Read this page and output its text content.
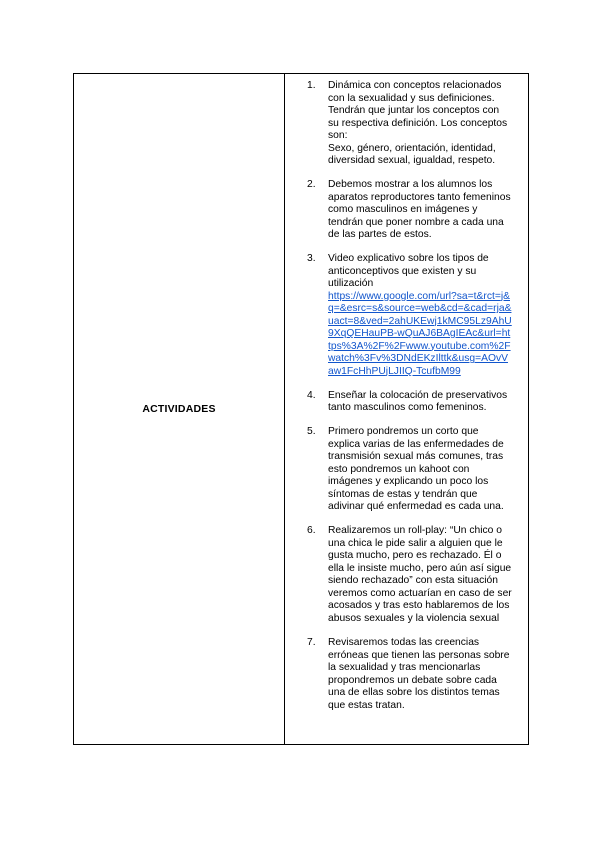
ACTIVIDADES
1. Dinámica con conceptos relacionados con la sexualidad y sus definiciones. Tendrán que juntar los conceptos con su respectiva definición. Los conceptos son:
Sexo, género, orientación, identidad, diversidad sexual, igualdad, respeto.
2. Debemos mostrar a los alumnos los aparatos reproductores tanto femeninos como masculinos en imágenes y tendrán que poner nombre a cada una de las partes de estos.
3. Video explicativo sobre los tipos de anticonceptivos que existen y su utilización
https://www.google.com/url?sa=t&rct=j&q=&esrc=s&source=web&cd=&cad=rja&uact=8&ved=2ahUKEwj1kMC95Lz9AhU9XqQEHauPB-wQuAJ6BAgIEAc&url=https%3A%2F%2Fwww.youtube.com%2Fwatch%3Fv%3DNdEKzIlttk&usg=AOvVaw1FcHhPUjLJIIQ-TcufbM99
4. Enseñar la colocación de preservativos tanto masculinos como femeninos.
5. Primero pondremos un corto que explica varias de las enfermedades de transmisión sexual más comunes, tras esto pondremos un kahoot con imágenes y explicando un poco los síntomas de estas y tendrán que adivinar qué enfermedad es cada una.
6. Realizaremos un roll-play: “Un chico o una chica le pide salir a alguien que le gusta mucho, pero es rechazado. Él o ella le insiste mucho, pero aún así sigue siendo rechazado” con esta situación veremos como actuarían en caso de ser acosados y tras esto hablaremos de los abusos sexuales y la violencia sexual
7. Revisaremos todas las creencias erróneas que tienen las personas sobre la sexualidad y tras mencionarlas propondremos un debate sobre cada una de ellas sobre los distintos temas que estas tratan.
